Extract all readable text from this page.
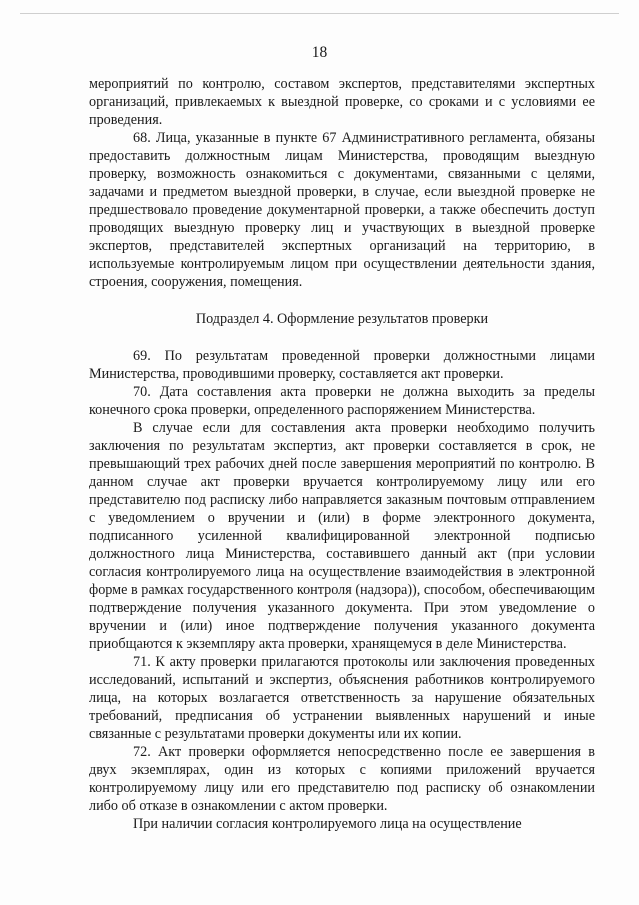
18

мероприятий по контролю, составом экспертов, представителями экспертных организаций, привлекаемых к выездной проверке, со сроками и с условиями ее проведения.

68. Лица, указанные в пункте 67 Административного регламента, обязаны предоставить должностным лицам Министерства, проводящим выездную проверку, возможность ознакомиться с документами, связанными с целями, задачами и предметом выездной проверки, в случае, если выездной проверке не предшествовало проведение документарной проверки, а также обеспечить доступ проводящих выездную проверку лиц и участвующих в выездной проверке экспертов, представителей экспертных организаций на территорию, в используемые контролируемым лицом при осуществлении деятельности здания, строения, сооружения, помещения.

Подраздел 4. Оформление результатов проверки

69. По результатам проведенной проверки должностными лицами Министерства, проводившими проверку, составляется акт проверки.

70. Дата составления акта проверки не должна выходить за пределы конечного срока проверки, определенного распоряжением Министерства.

В случае если для составления акта проверки необходимо получить заключения по результатам экспертиз, акт проверки составляется в срок, не превышающий трех рабочих дней после завершения мероприятий по контролю. В данном случае акт проверки вручается контролируемому лицу или его представителю под расписку либо направляется заказным почтовым отправлением с уведомлением о вручении и (или) в форме электронного документа, подписанного усиленной квалифицированной электронной подписью должностного лица Министерства, составившего данный акт (при условии согласия контролируемого лица на осуществление взаимодействия в электронной форме в рамках государственного контроля (надзора)), способом, обеспечивающим подтверждение получения указанного документа. При этом уведомление о вручении и (или) иное подтверждение получения указанного документа приобщаются к экземпляру акта проверки, хранящемуся в деле Министерства.

71. К акту проверки прилагаются протоколы или заключения проведенных исследований, испытаний и экспертиз, объяснения работников контролируемого лица, на которых возлагается ответственность за нарушение обязательных требований, предписания об устранении выявленных нарушений и иные связанные с результатами проверки документы или их копии.

72. Акт проверки оформляется непосредственно после ее завершения в двух экземплярах, один из которых с копиями приложений вручается контролируемому лицу или его представителю под расписку об ознакомлении либо об отказе в ознакомлении с актом проверки.

При наличии согласия контролируемого лица на осуществление
